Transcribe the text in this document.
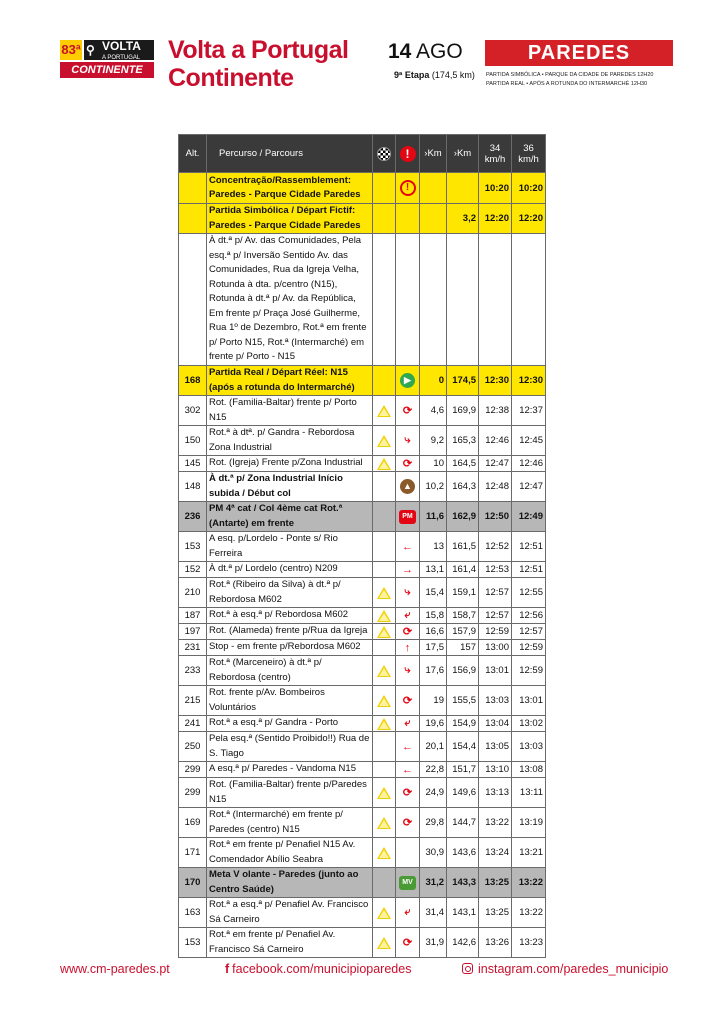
83ª ⚲ VOLTA
A PORTUGAL
CONTINENTE
Volta a Portugal
Continente
14 AGO
9ª Etapa (174,5 km)
PAREDES
PARTIDA SIMBÓLICA • PARQUE DA CIDADE DE PAREDES 12H20
PARTIDA REAL • APÓS A ROTUNDA DO INTERMARCHÉ 12H30
Alt.	Percurso / Parcours		!	›Km	›Km	34 km/h	36 km/h
	Concentração/Rassemblement: Paredes - Parque Cidade Paredes		!			10:20	10:20
	Partida Simbólica / Départ Fictif: Paredes - Parque Cidade Paredes				3,2	12:20	12:20
	À dt.ª p/ Av. das Comunidades, Pela esq.ª p/ Inversão Sentido Av. das Comunidades, Rua da Igreja Velha, Rotunda à dta. p/centro (N15), Rotunda à dt.ª p/ Av. da República, Em frente p/ Praça José Guilherme, Rua 1º de Dezembro, Rot.ª em frente p/ Porto N15, Rot.ª (Intermarché) em frente p/ Porto - N15						
168	Partida Real / Départ Réel: N15 (após a rotunda do Intermarché)		▶	0	174,5	12:30	12:30
302	Rot. (Familia-Baltar) frente p/ Porto N15		⟳	4,6	169,9	12:38	12:37
150	Rot.ª à dtª. p/ Gandra - Rebordosa Zona Industrial		⤷	9,2	165,3	12:46	12:45
145	Rot. (Igreja) Frente p/Zona Industrial		⟳	10	164,5	12:47	12:46
148	À dt.ª p/ Zona Industrial Início subida / Début col		▲	10,2	164,3	12:48	12:47
236	PM 4ª cat / Col 4ème cat Rot.ª (Antarte) em frente		PM	11,6	162,9	12:50	12:49
153	A esq. p/Lordelo - Ponte s/ Rio Ferreira		←	13	161,5	12:52	12:51
152	À dt.ª p/ Lordelo (centro) N209		→	13,1	161,4	12:53	12:51
210	Rot.ª (Ribeiro da Silva) à dt.ª p/ Rebordosa M602		⤷	15,4	159,1	12:57	12:55
187	Rot.ª à esq.ª p/ Rebordosa M602		⤶	15,8	158,7	12:57	12:56
197	Rot. (Alameda) frente p/Rua da Igreja		⟳	16,6	157,9	12:59	12:57
231	Stop - em frente p/Rebordosa M602		↑	17,5	157	13:00	12:59
233	Rot.ª (Marceneiro) à dt.ª p/ Rebordosa (centro)		⤷	17,6	156,9	13:01	12:59
215	Rot. frente p/Av. Bombeiros Voluntários		⟳	19	155,5	13:03	13:01
241	Rot.ª a esq.ª p/ Gandra - Porto		⤶	19,6	154,9	13:04	13:02
250	Pela esq.ª (Sentido Proibido!!) Rua de S. Tiago		←	20,1	154,4	13:05	13:03
299	A esq.ª p/ Paredes - Vandoma N15		←	22,8	151,7	13:10	13:08
299	Rot. (Familia-Baltar) frente p/Paredes N15		⟳	24,9	149,6	13:13	13:11
169	Rot.ª (Intermarché) em frente p/ Paredes (centro) N15		⟳	29,8	144,7	13:22	13:19
171	Rot.ª em frente p/ Penafiel N15 Av. Comendador Abílio Seabra			30,9	143,6	13:24	13:21
170	Meta V olante - Paredes (junto ao Centro Saúde)		MV	31,2	143,3	13:25	13:22
163	Rot.ª a esq.ª p/ Penafiel Av. Francisco Sá Carneiro		⤶	31,4	143,1	13:25	13:22
153	Rot.ª em frente p/ Penafiel Av. Francisco Sá Carneiro		⟳	31,9	142,6	13:26	13:23
www.cm-paredes.pt	f facebook.com/municipioparedes	instagram.com/paredes_municipio
